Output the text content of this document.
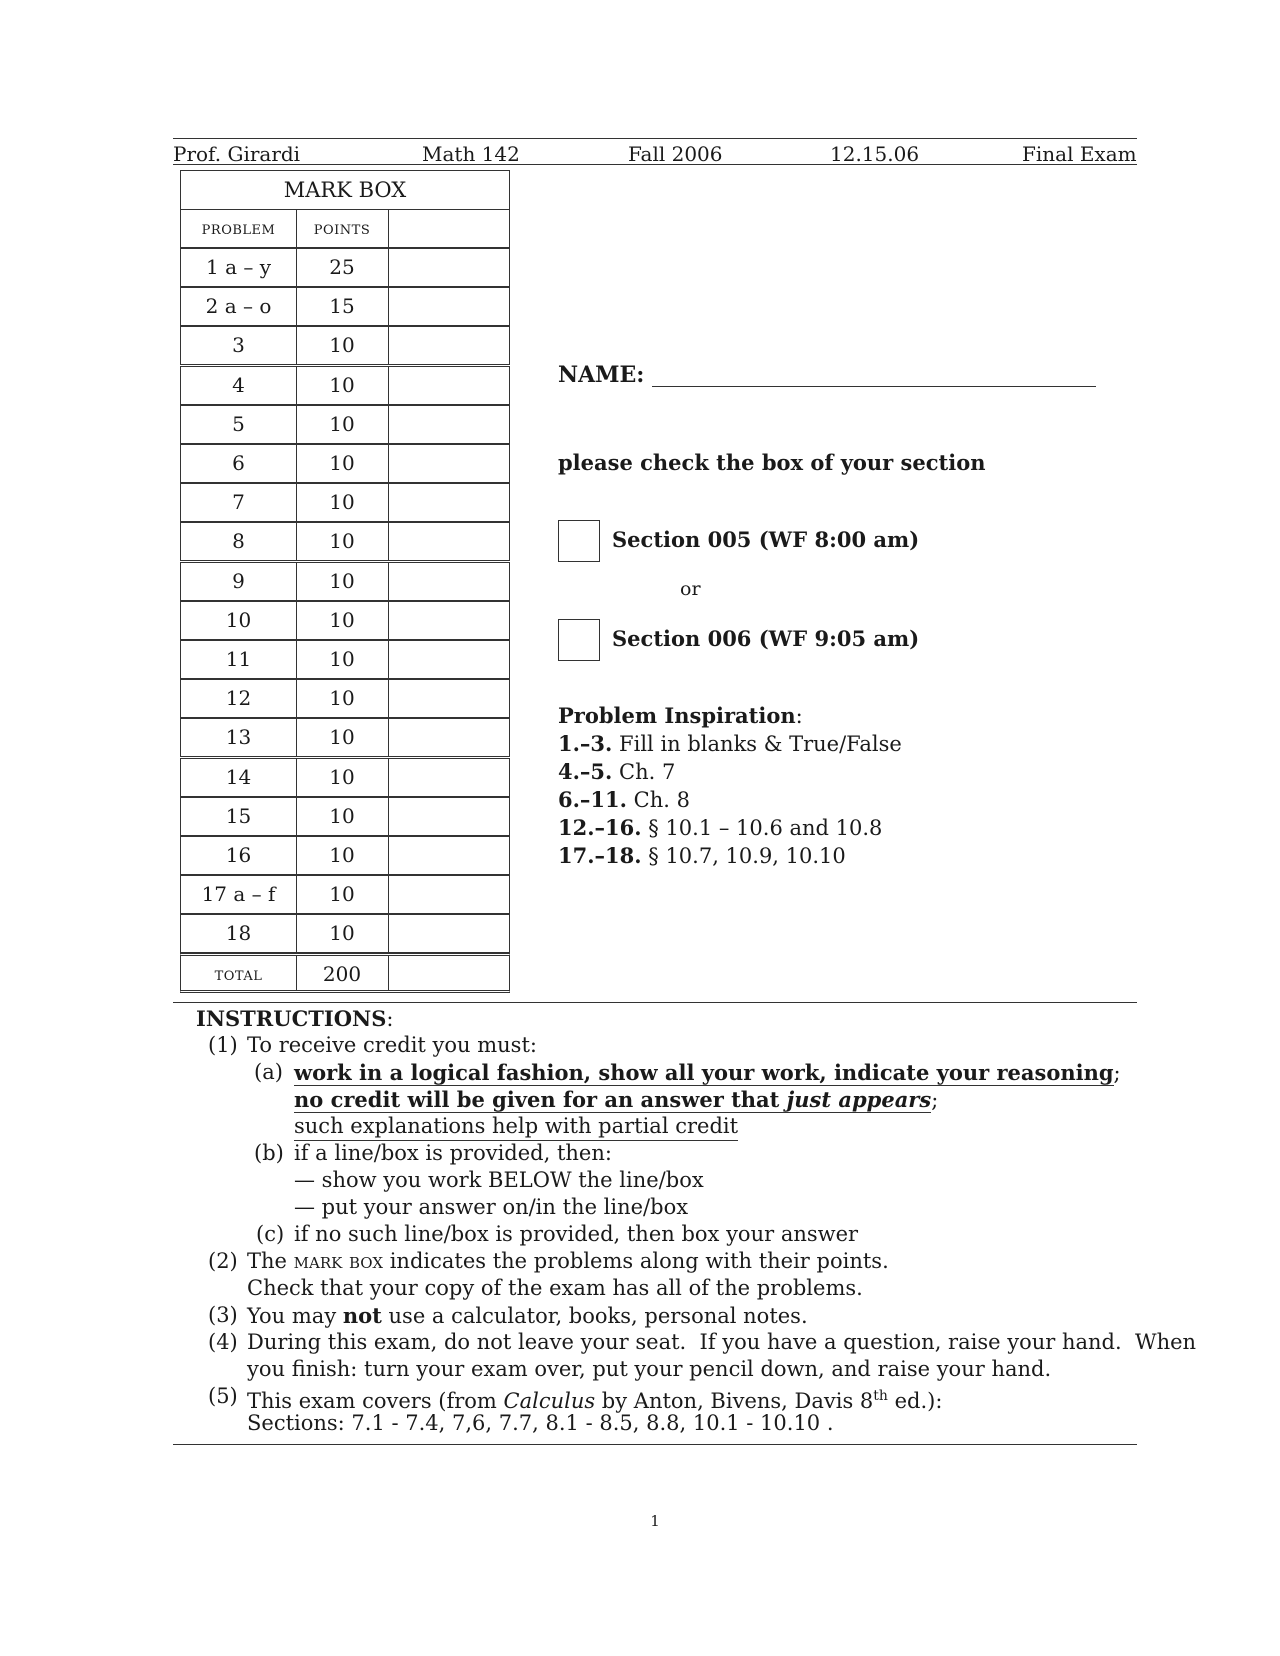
Prof. Girardi	Math 142	Fall 2006	12.15.06	Final Exam
MARK BOX
problem	points
1 a – y	25
2 a – o	15
3	10
4	10
5	10
6	10
7	10
8	10
9	10
10	10
11	10
12	10
13	10
14	10
15	10
16	10
17 a – f	10
18	10
total	200
NAME:
please check the box of your section
Section 005 (WF 8:00 am)
or
Section 006 (WF 9:05 am)
Problem Inspiration:
1.–3. Fill in blanks & True/False
4.–5. Ch. 7
6.–11. Ch. 8
12.–16. § 10.1 – 10.6 and 10.8
17.–18. § 10.7, 10.9, 10.10
INSTRUCTIONS:
(1) To receive credit you must:
(a) work in a logical fashion, show all your work, indicate your reasoning;
no credit will be given for an answer that just appears;
such explanations help with partial credit
(b) if a line/box is provided, then:
— show you work BELOW the line/box
— put your answer on/in the line/box
(c) if no such line/box is provided, then box your answer
(2) The mark box indicates the problems along with their points.
Check that your copy of the exam has all of the problems.
(3) You may not use a calculator, books, personal notes.
(4) During this exam, do not leave your seat.  If you have a question, raise your hand.  When
you finish: turn your exam over, put your pencil down, and raise your hand.
(5) This exam covers (from Calculus by Anton, Bivens, Davis 8th ed.):
Sections: 7.1 - 7.4, 7,6, 7.7, 8.1 - 8.5, 8.8, 10.1 - 10.10 .
1
